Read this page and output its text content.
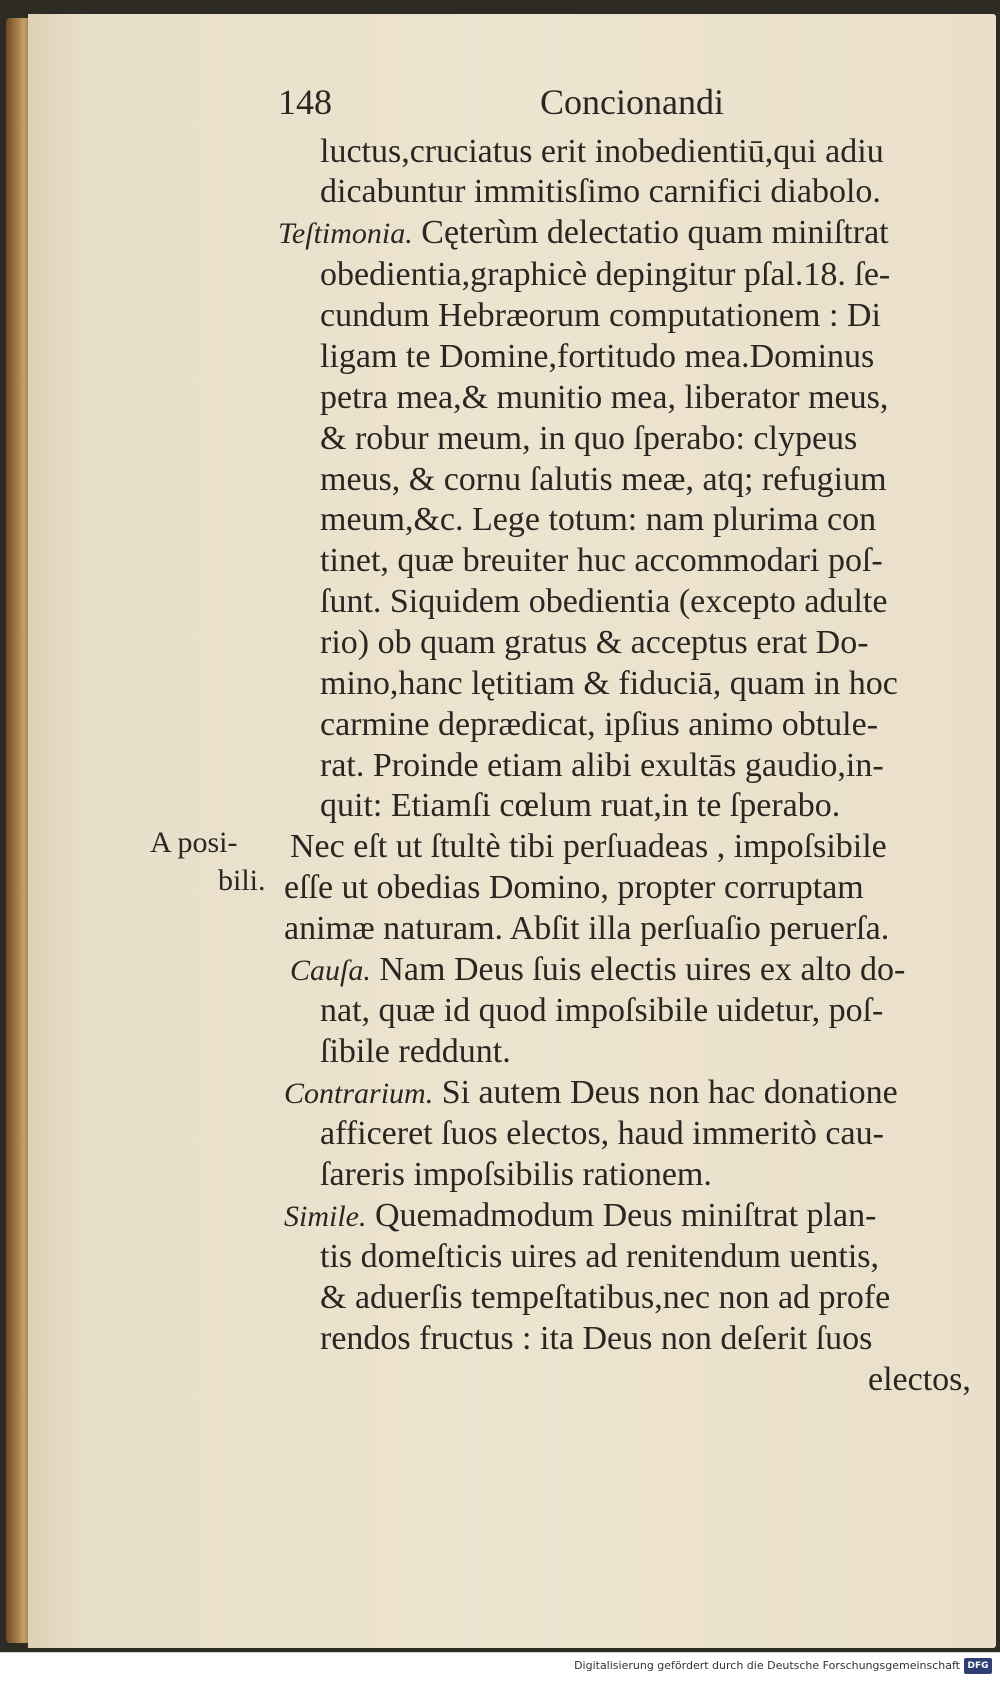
148	Concionandi
luctus,cruciatus erit inobedientiū,qui adiu
dicabuntur immitisſimo carnifici diabolo.
Teſtimonia. Cęterùm delectatio quam miniſtrat
obedientia,graphicè depingitur pſal.18. ſe-
cundum Hebræorum computationem : Di
ligam te Domine,fortitudo mea.Dominus
petra mea,& munitio mea, liberator meus,
& robur meum, in quo ſperabo: clypeus
meus, & cornu ſalutis meæ, atq; refugium
meum,&c. Lege totum: nam plurima con
tinet, quæ breuiter huc accommodari poſ-
ſunt. Siquidem obedientia (excepto adulte
rio) ob quam gratus & acceptus erat Do-
mino,hanc lętitiam & fiduciā, quam in hoc
carmine deprædicat, ipſius animo obtule-
rat. Proinde etiam alibi exultās gaudio,in-
quit: Etiamſi cœlum ruat,in te ſperabo.
A posi-
bili.
Nec eſt ut ſtultè tibi perſuadeas , impoſsibile
eſſe ut obedias Domino, propter corruptam
animæ naturam. Abſit illa perſuaſio peruerſa.
Cauſa. Nam Deus ſuis electis uires ex alto do-
nat, quæ id quod impoſsibile uidetur, poſ-
ſibile reddunt.
Contrarium. Si autem Deus non hac donatione
afficeret ſuos electos, haud immeritò cau-
ſareris impoſsibilis rationem.
Simile. Quemadmodum Deus miniſtrat plan-
tis domeſticis uires ad renitendum uentis,
& aduerſis tempeſtatibus,nec non ad profe
rendos fructus : ita Deus non deſerit ſuos
electos,
Digitalisierung gefördert durch die Deutsche Forschungsgemeinschaft DFG
